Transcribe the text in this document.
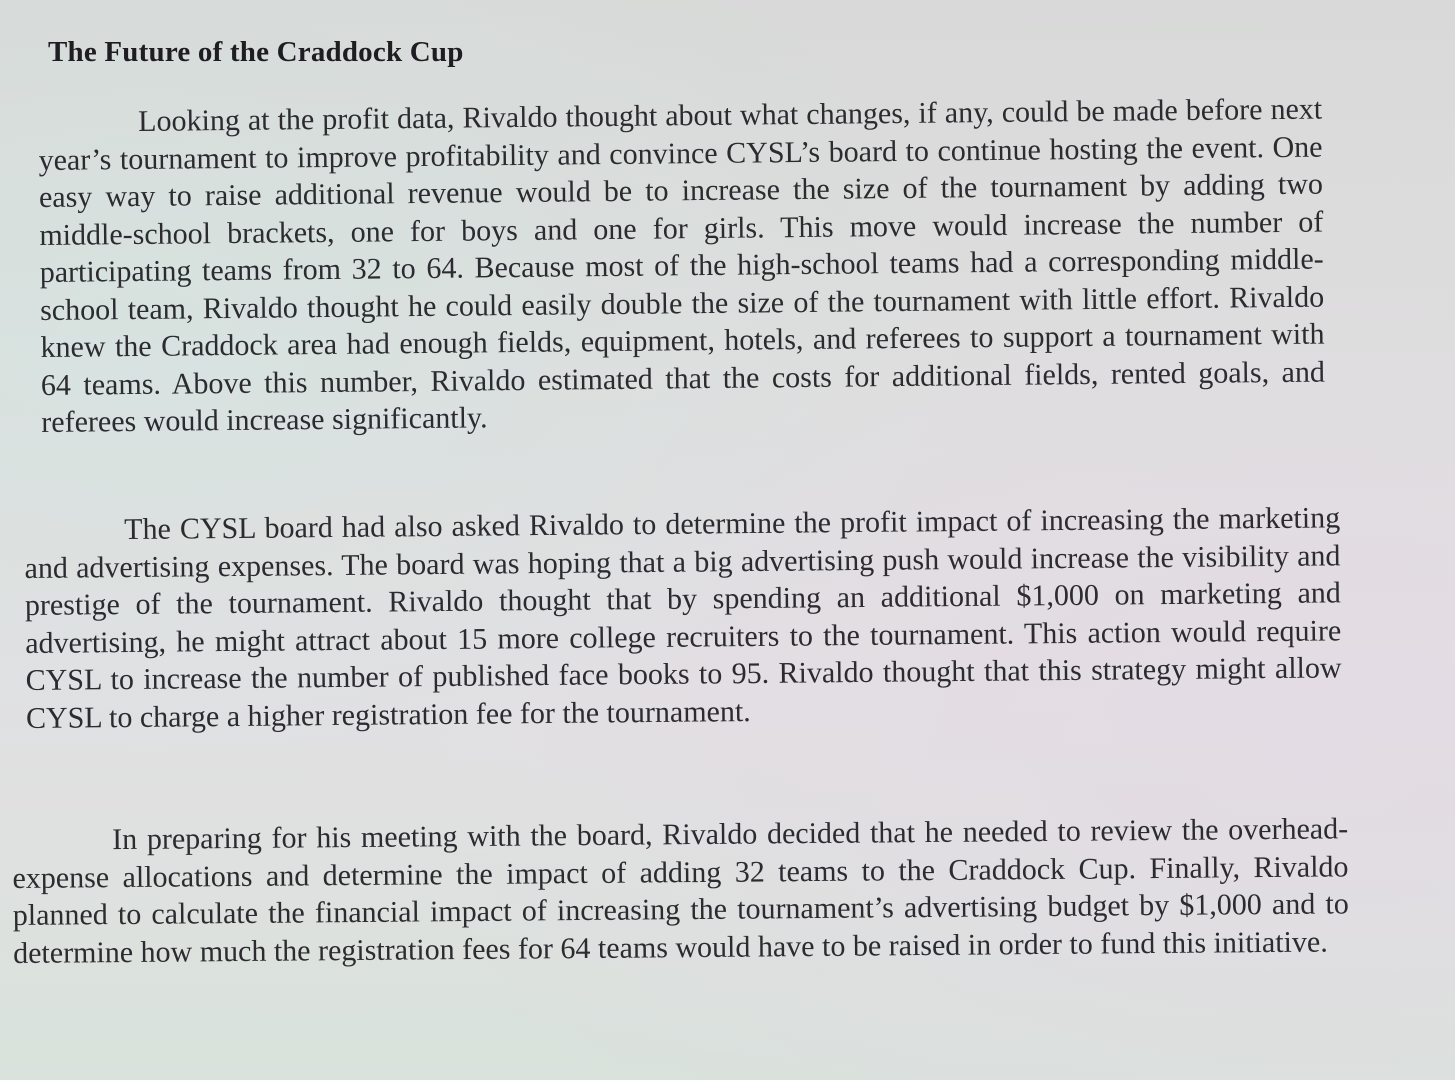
The Future of the Craddock Cup

Looking at the profit data, Rivaldo thought about what changes, if any, could be made before next year’s tournament to improve profitability and convince CYSL’s board to continue hosting the event. One easy way to raise additional revenue would be to increase the size of the tournament by adding two middle-school brackets, one for boys and one for girls. This move would increase the number of participating teams from 32 to 64. Because most of the high-school teams had a corresponding middle-school team, Rivaldo thought he could easily double the size of the tournament with little effort. Rivaldo knew the Craddock area had enough fields, equipment, hotels, and referees to support a tournament with 64 teams. Above this number, Rivaldo estimated that the costs for additional fields, rented goals, and referees would increase significantly.

The CYSL board had also asked Rivaldo to determine the profit impact of increasing the marketing and advertising expenses. The board was hoping that a big advertising push would increase the visibility and prestige of the tournament. Rivaldo thought that by spending an additional $1,000 on marketing and advertising, he might attract about 15 more college recruiters to the tournament. This action would require CYSL to increase the number of published face books to 95. Rivaldo thought that this strategy might allow CYSL to charge a higher registration fee for the tournament.

In preparing for his meeting with the board, Rivaldo decided that he needed to review the overhead-expense allocations and determine the impact of adding 32 teams to the Craddock Cup. Finally, Rivaldo planned to calculate the financial impact of increasing the tournament’s advertising budget by $1,000 and to determine how much the registration fees for 64 teams would have to be raised in order to fund this initiative.
